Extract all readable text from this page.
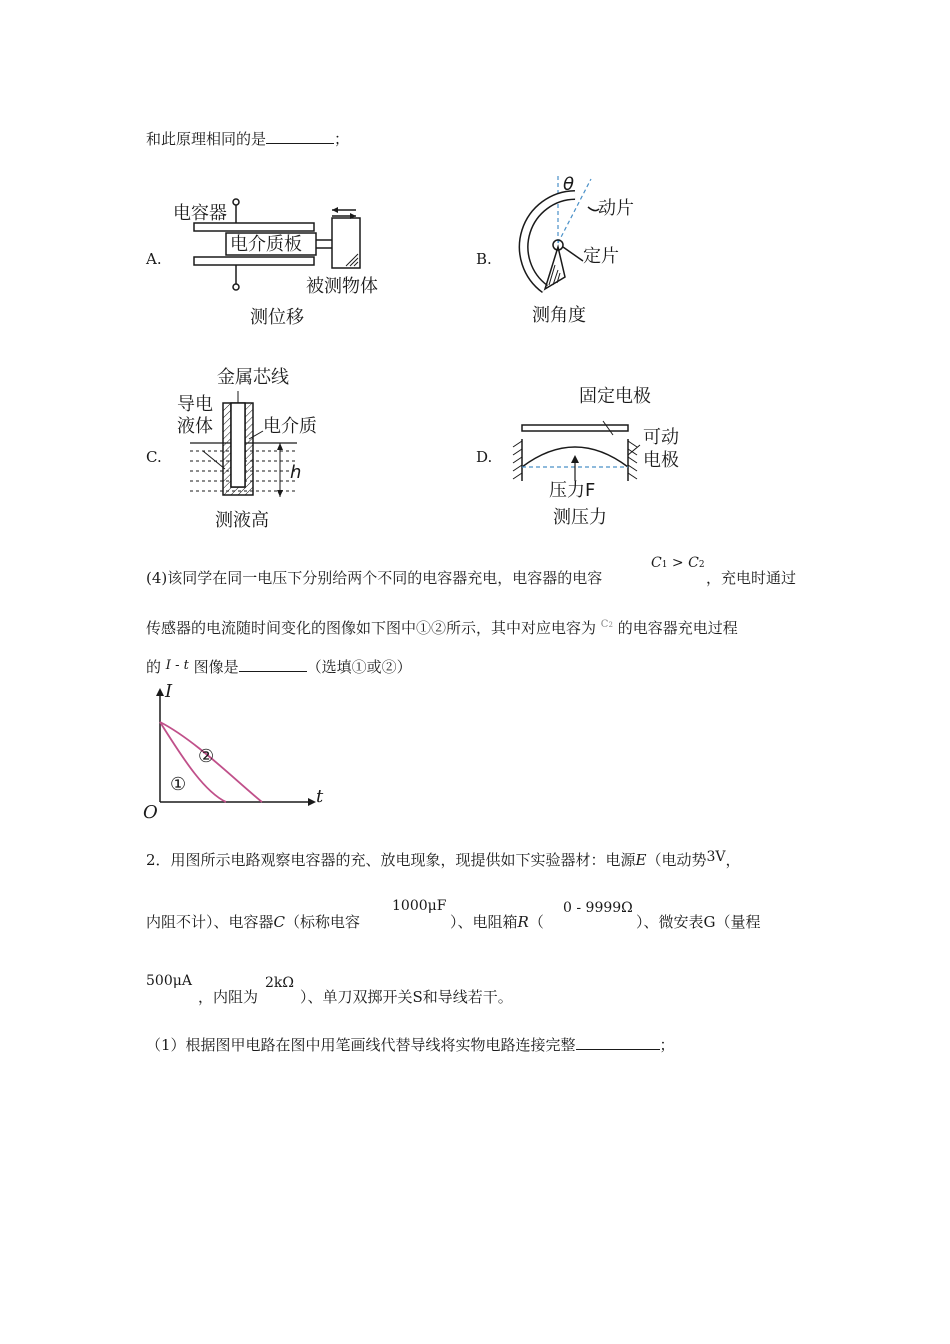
和此原理相同的是	；
A.
电容器
电介质板
被测物体
测位移
B.
θ
动片
定片
测角度
C.
金属芯线
导电
液体	电介质
h
测液高
D.
固定电极
可动
电极
压力F
测压力
(4)该同学在同一电压下分别给两个不同的电容器充电，电容器的电容
C1 > C2
，充电时通过
传感器的电流随时间变化的图像如下图中①②所示，其中对应电容为 $^{C2}$ 的电容器充电过程
的 I - t 图像是	（选填①或②）
I
t
O
①
②
2．用图所示电路观察电容器的充、放电现象，现提供如下实验器材：电源E（电动势3V，
内阻不计）、电容器C（标称电容
1000μF
）、电阻箱R（
0 - 9999Ω
）、微安表G（量程
500μA
，内阻为
2kΩ
）、单刀双掷开关S和导线若干。
（1）根据图甲电路在图中用笔画线代替导线将实物电路连接完整	；
